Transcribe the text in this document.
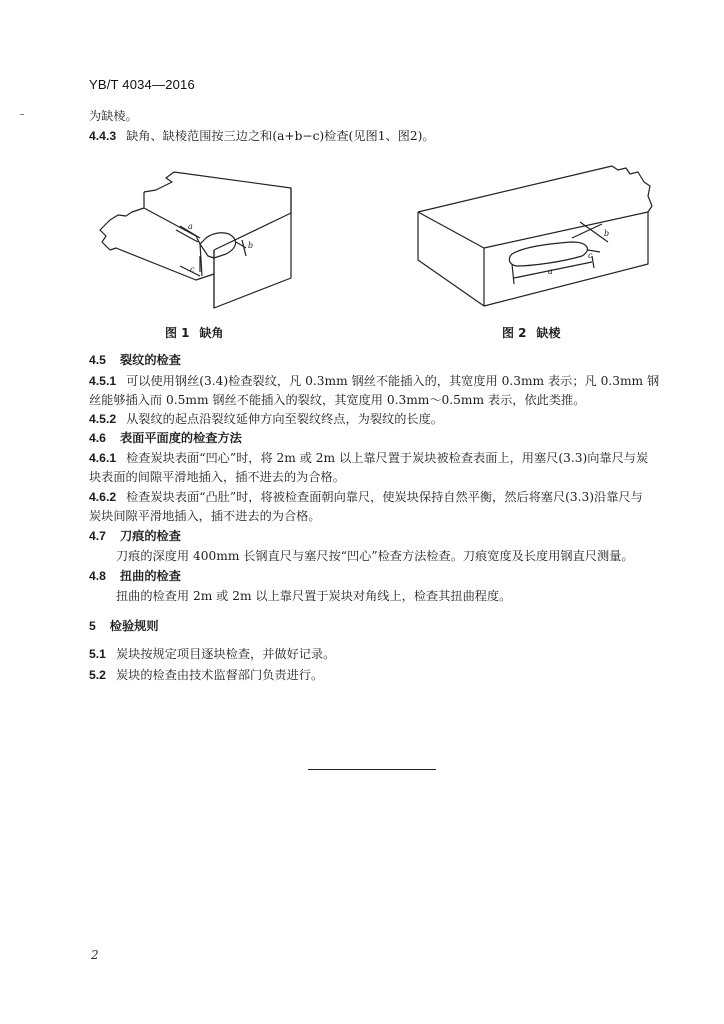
YB/T 4034—2016
为缺棱。
4.4.3 缺角、缺棱范围按三边之和(a+b−c)检查(见图1、图2)。
a
b
c
图 1 缺角
a
b
c
图 2 缺棱
4.5 裂纹的检查
4.5.1 可以使用钢丝(3.4)检查裂纹，凡 0.3mm 钢丝不能插入的，其宽度用 0.3mm 表示；凡 0.3mm 钢
丝能够插入而 0.5mm 钢丝不能插入的裂纹，其宽度用 0.3mm～0.5mm 表示，依此类推。
4.5.2 从裂纹的起点沿裂纹延伸方向至裂纹终点，为裂纹的长度。
4.6 表面平面度的检查方法
4.6.1 检查炭块表面“凹心”时，将 2m 或 2m 以上靠尺置于炭块被检查表面上，用塞尺(3.3)向靠尺与炭
块表面的间隙平滑地插入，插不进去的为合格。
4.6.2 检查炭块表面“凸肚”时，将被检查面朝向靠尺，使炭块保持自然平衡，然后将塞尺(3.3)沿靠尺与
炭块间隙平滑地插入，插不进去的为合格。
4.7 刀痕的检查
刀痕的深度用 400mm 长钢直尺与塞尺按“凹心”检查方法检查。刀痕宽度及长度用钢直尺测量。
4.8 扭曲的检查
扭曲的检查用 2m 或 2m 以上靠尺置于炭块对角线上，检查其扭曲程度。
5 检验规则
5.1 炭块按规定项目逐块检查，并做好记录。
5.2 炭块的检查由技术监督部门负责进行。
2
